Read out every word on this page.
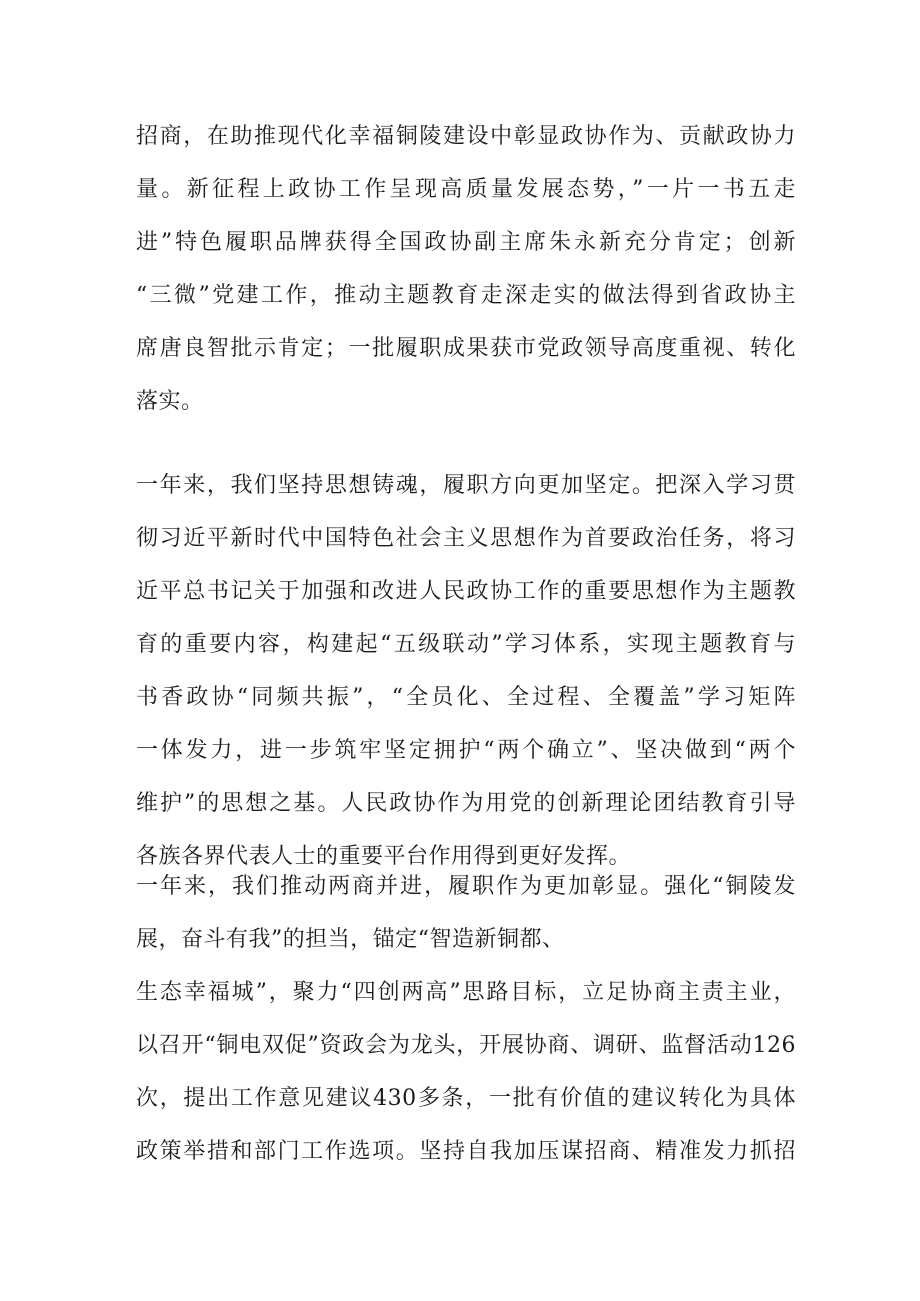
招商，在助推现代化幸福铜陵建设中彰显政协作为、贡献政协力
量。新征程上政协工作呈现高质量发展态势，”一片一书五走
进”特色履职品牌获得全国政协副主席朱永新充分肯定；创新
“三微”党建工作，推动主题教育走深走实的做法得到省政协主
席唐良智批示肯定；一批履职成果获市党政领导高度重视、转化
落实。
一年来，我们坚持思想铸魂，履职方向更加坚定。把深入学习贯
彻习近平新时代中国特色社会主义思想作为首要政治任务，将习
近平总书记关于加强和改进人民政协工作的重要思想作为主题教
育的重要内容，构建起“五级联动”学习体系，实现主题教育与
书香政协“同频共振”，“全员化、全过程、全覆盖”学习矩阵
一体发力，进一步筑牢坚定拥护“两个确立”、坚决做到“两个
维护”的思想之基。人民政协作为用党的创新理论团结教育引导
各族各界代表人士的重要平台作用得到更好发挥。
一年来，我们推动两商并进，履职作为更加彰显。强化“铜陵发
展，奋斗有我”的担当，锚定“智造新铜都、
生态幸福城”，聚力“四创两高”思路目标，立足协商主责主业，
以召开“铜电双促”资政会为龙头，开展协商、调研、监督活动126
次，提出工作意见建议430多条，一批有价值的建议转化为具体
政策举措和部门工作选项。坚持自我加压谋招商、精准发力抓招
